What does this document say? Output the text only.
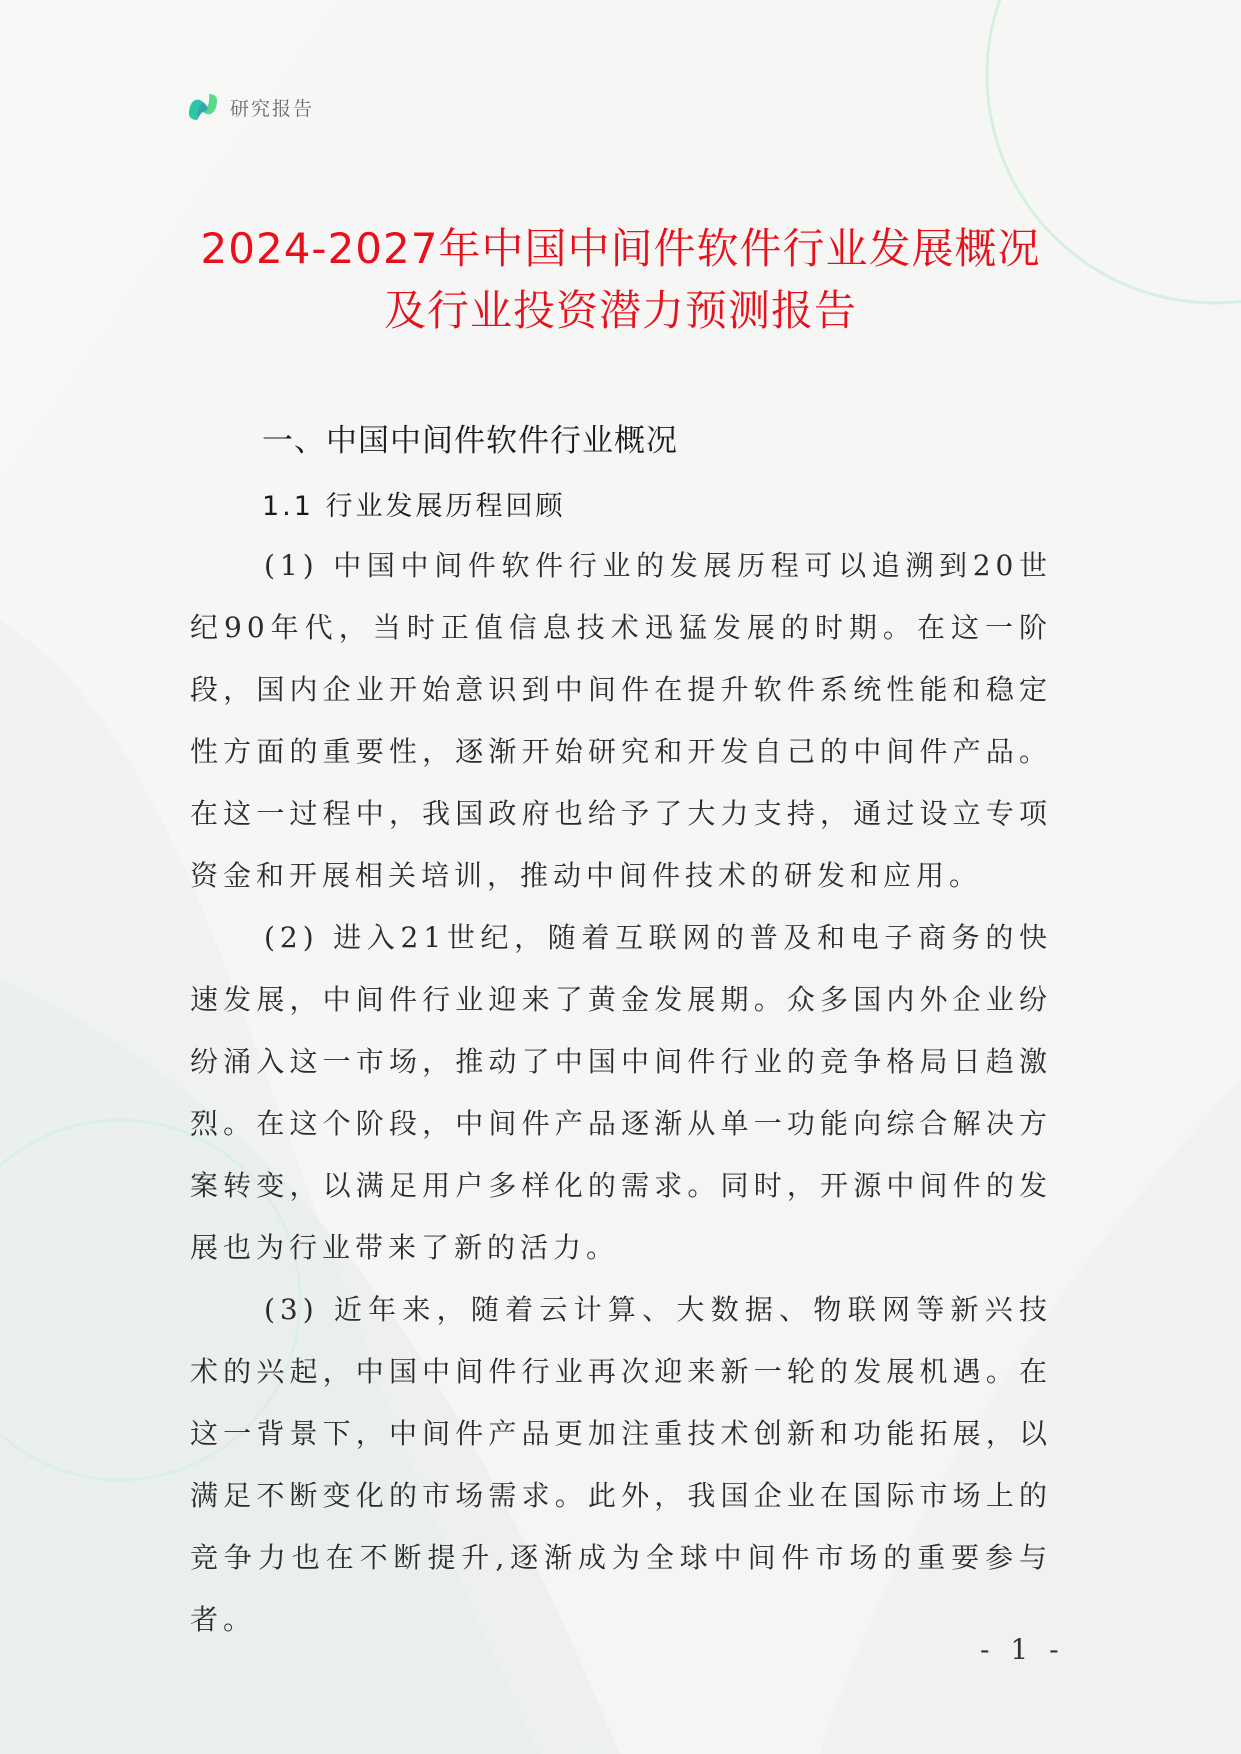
研究报告
2024-2027年中国中间件软件行业发展概况
及行业投资潜力预测报告
一、中国中间件软件行业概况
1.1 行业发展历程回顾

(1) 中国中间件软件行业的发展历程可以追溯到20世纪90年代，当时正值信息技术迅猛发展的时期。在这一阶段，国内企业开始意识到中间件在提升软件系统性能和稳定性方面的重要性，逐渐开始研究和开发自己的中间件产品。在这一过程中，我国政府也给予了大力支持，通过设立专项资金和开展相关培训，推动中间件技术的研发和应用。

(2) 进入21世纪，随着互联网的普及和电子商务的快速发展，中间件行业迎来了黄金发展期。众多国内外企业纷纷涌入这一市场，推动了中国中间件行业的竞争格局日趋激烈。在这个阶段，中间件产品逐渐从单一功能向综合解决方案转变，以满足用户多样化的需求。同时，开源中间件的发展也为行业带来了新的活力。

(3) 近年来，随着云计算、大数据、物联网等新兴技术的兴起，中国中间件行业再次迎来新一轮的发展机遇。在这一背景下，中间件产品更加注重技术创新和功能拓展，以满足不断变化的市场需求。此外，我国企业在国际市场上的竞争力也在不断提升,逐渐成为全球中间件市场的重要参与者。

- 1 -
